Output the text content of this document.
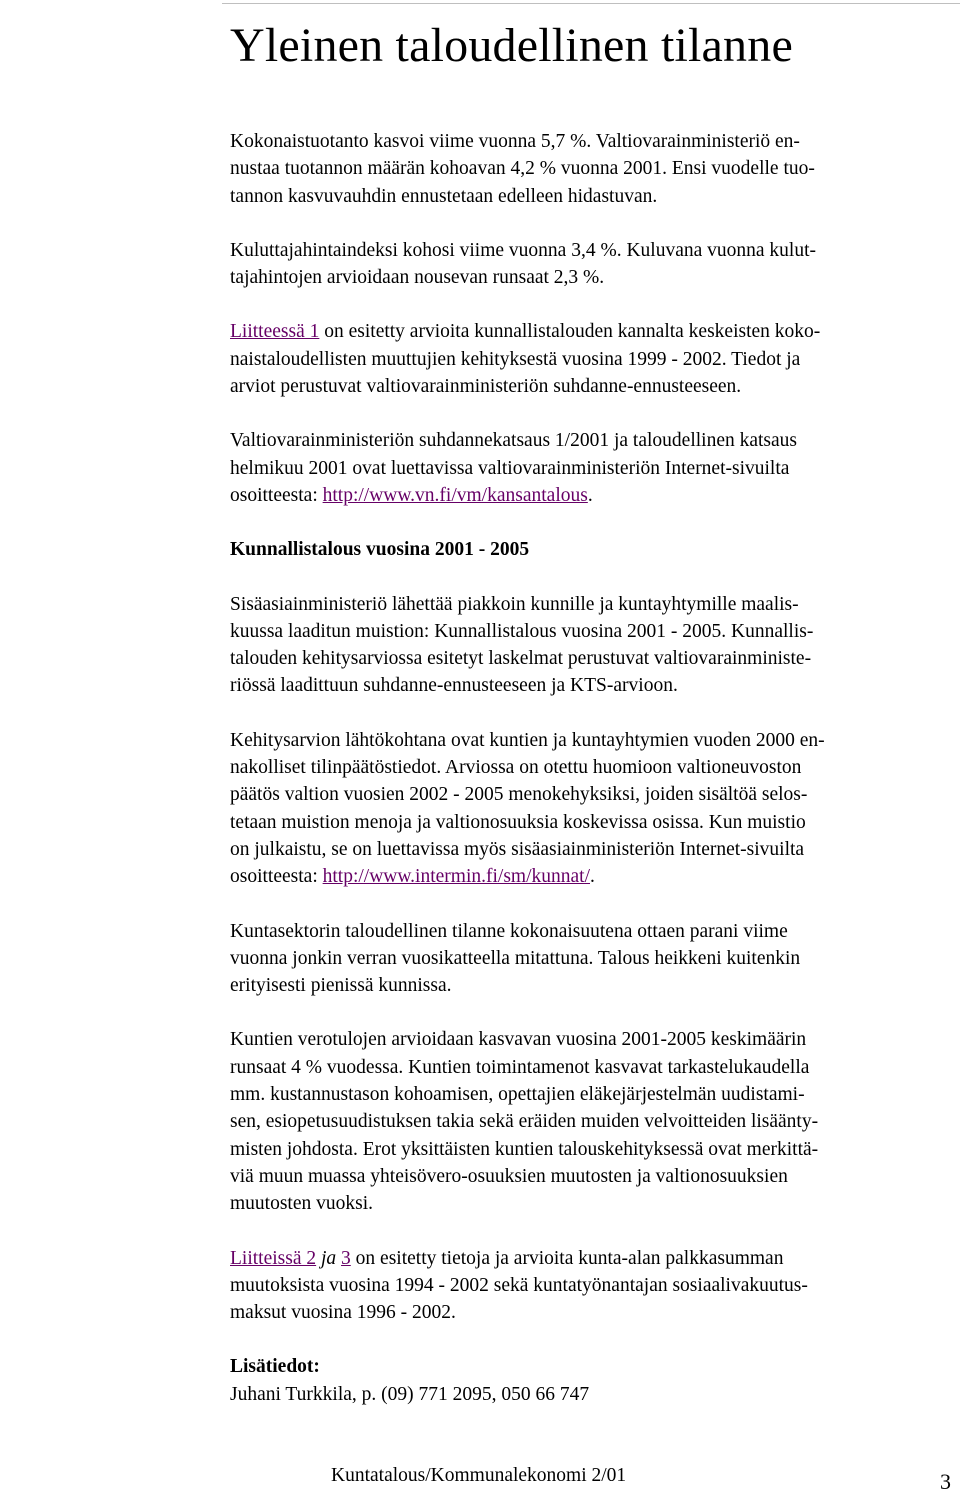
Yleinen taloudellinen tilanne

Kokonaistuotanto kasvoi viime vuonna 5,7 %. Valtiovarainministeriö en-
nustaa tuotannon määrän kohoavan 4,2 % vuonna 2001. Ensi vuodelle tuo-
tannon kasvuvauhdin ennustetaan edelleen hidastuvan.

Kuluttajahintaindeksi kohosi viime vuonna 3,4 %. Kuluvana vuonna kulut-
tajahintojen arvioidaan nousevan runsaat 2,3 %.

Liitteessä 1 on esitetty arvioita kunnallistalouden kannalta keskeisten koko-
naistaloudellisten muuttujien kehityksestä vuosina 1999 - 2002. Tiedot ja
arviot perustuvat valtiovarainministeriön suhdanne-ennusteeseen.

Valtiovarainministeriön suhdannekatsaus 1/2001 ja taloudellinen katsaus
helmikuu 2001 ovat luettavissa valtiovarainministeriön Internet-sivuilta
osoitteesta: http://www.vn.fi/vm/kansantalous.

Kunnallistalous vuosina 2001 - 2005

Sisäasiainministeriö lähettää piakkoin kunnille ja kuntayhtymille maalis-
kuussa laaditun muistion: Kunnallistalous vuosina 2001 - 2005. Kunnallis-
talouden kehitysarviossa esitetyt laskelmat perustuvat valtiovarainministe-
riössä laadittuun suhdanne-ennusteeseen ja KTS-arvioon.

Kehitysarvion lähtökohtana ovat kuntien ja kuntayhtymien vuoden 2000 en-
nakolliset tilinpäätöstiedot. Arviossa on otettu huomioon valtioneuvoston
päätös valtion vuosien 2002 - 2005 menokehyksiksi, joiden sisältöä selos-
tetaan muistion menoja ja valtionosuuksia koskevissa osissa. Kun muistio
on julkaistu, se on luettavissa myös sisäasiainministeriön Internet-sivuilta
osoitteesta: http://www.intermin.fi/sm/kunnat/.

Kuntasektorin taloudellinen tilanne kokonaisuutena ottaen parani viime
vuonna jonkin verran vuosikatteella mitattuna. Talous heikkeni kuitenkin
erityisesti pienissä kunnissa.

Kuntien verotulojen arvioidaan kasvavan vuosina 2001-2005 keskimäärin
runsaat 4 % vuodessa. Kuntien toimintamenot kasvavat tarkastelukaudella
mm. kustannustason kohoamisen, opettajien eläkejärjestelmän uudistami-
sen, esiopetusuudistuksen takia sekä eräiden muiden velvoitteiden lisäänty-
misten johdosta. Erot yksittäisten kuntien talouskehityksessä ovat merkittä-
viä muun muassa yhteisövero-osuuksien muutosten ja valtionosuuksien
muutosten vuoksi.

Liitteissä 2 ja 3 on esitetty tietoja ja arvioita kunta-alan palkkasumman
muutoksista vuosina 1994 - 2002 sekä kuntatyönantajan sosiaalivakuutus-
maksut vuosina 1996 - 2002.

Lisätiedot:

Juhani Turkkila, p. (09) 771 2095, 050 66 747

Kuntatalous/Kommunalekonomi 2/01	3
